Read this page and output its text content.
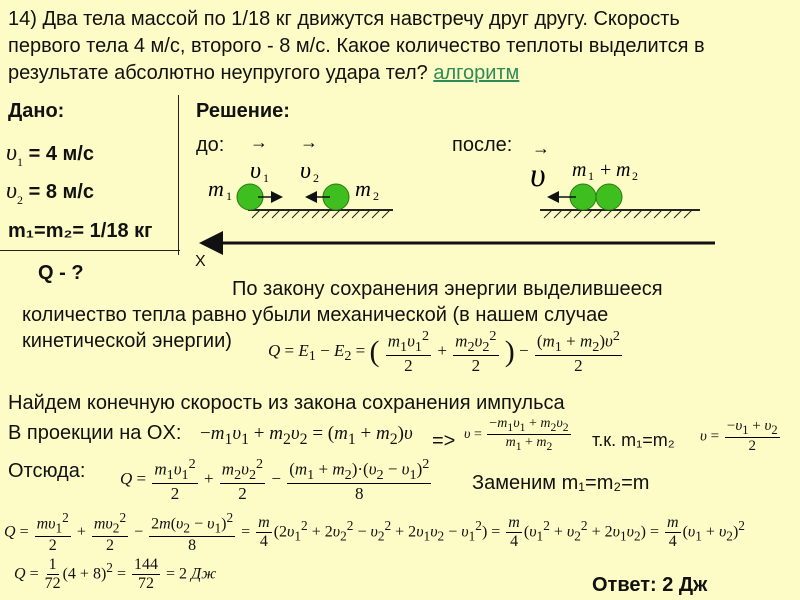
14) Два тела массой по 1/18 кг движутся навстречу друг другу. Скорость
первого тела 4 м/с, второго - 8 м/с. Какое количество теплоты выделится в
результате абсолютно неупругого удара тел? алгоритм
Дано:
$\upsilon_1 = 4$ м/с
$\upsilon_2 = 8$ м/с
m₁=m₂= 1/18 кг
Q - ?
Решение:
до:	после:
m 1	m 2
→
υ 1
→
υ 2
→
υ m 1 + m 2
X
По закону сохранения энергии выделившееся
количество тепла равно убыли механической (в нашем случае
кинетической энергии) $Q = E_1 - E_2$ = ( $\frac{m_1\upsilon_1^2}{2} + \frac{m_2\upsilon_2^2}{2}$ ) − $\frac{(m_1 + m_2)\upsilon^2}{2}$
Найдем конечную скорость из закона сохранения импульса
В проекции на OX: $-m_1\upsilon_1 + m_2\upsilon_2 = (m_1 + m_2)\upsilon => \upsilon = \frac{-m_1\upsilon_1 + m_2\upsilon_2}{m_1 + m_2} т.к$. m₁=m₂ $\upsilon = \frac{-\upsilon_1 + \upsilon_2}{2}$
Отсюда: $Q = \frac{m_1\upsilon_1^2}{2} + \frac{m_2\upsilon_2^2}{2} - \frac{(m_1 + m_2)\cdot(\upsilon_2 - \upsilon_1)^2}{8}$ Заменим m₁=m₂=m
$Q = \frac{m\upsilon_1^2}{2} + \frac{m\upsilon_2^2}{2} - \frac{2m(\upsilon_2 - \upsilon_1)^2}{8} = \frac{m}{4} (2\upsilon_1^2 + 2\upsilon_2^2 - \upsilon_2^2 + 2\upsilon_1\upsilon_2 - \upsilon_1^2) = \frac{m}{4} (\upsilon_1^2 + \upsilon_2^2 + 2\upsilon_1\upsilon_2) = \frac{m}{4} (\upsilon_1 + \upsilon_2)^2$
$Q = \frac{1}{72} (4 + 8)^2 = \frac{144}{72} = 2$ Дж	Ответ: 2 Дж
